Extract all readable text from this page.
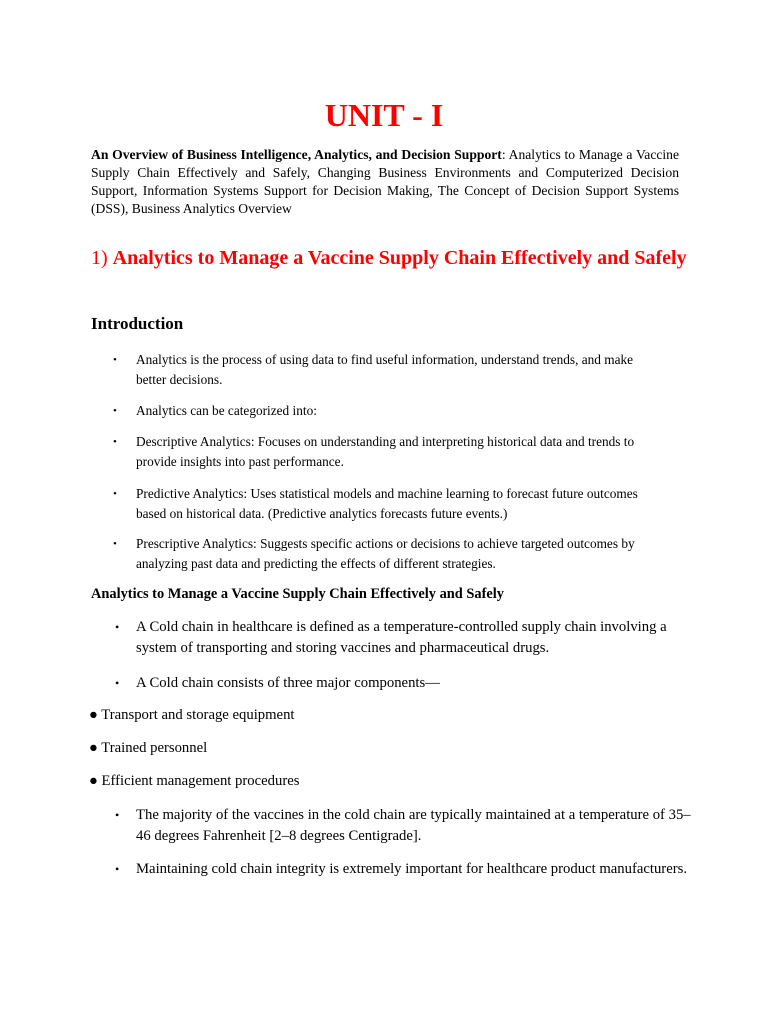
UNIT - I
An Overview of Business Intelligence, Analytics, and Decision Support: Analytics to Manage a Vaccine Supply Chain Effectively and Safely, Changing Business Environments and Computerized Decision Support, Information Systems Support for Decision Making, The Concept of Decision Support Systems (DSS), Business Analytics Overview
1) Analytics to Manage a Vaccine Supply Chain Effectively and Safely
Introduction
• Analytics is the process of using data to find useful information, understand trends, and make better decisions.
• Analytics can be categorized into:
• Descriptive Analytics: Focuses on understanding and interpreting historical data and trends to provide insights into past performance.
• Predictive Analytics: Uses statistical models and machine learning to forecast future outcomes based on historical data. (Predictive analytics forecasts future events.)
• Prescriptive Analytics: Suggests specific actions or decisions to achieve targeted outcomes by analyzing past data and predicting the effects of different strategies.
Analytics to Manage a Vaccine Supply Chain Effectively and Safely
• A Cold chain in healthcare is defined as a temperature-controlled supply chain involving a system of transporting and storing vaccines and pharmaceutical drugs.
• A Cold chain consists of three major components—
● Transport and storage equipment
● Trained personnel
● Efficient management procedures
• The majority of the vaccines in the cold chain are typically maintained at a temperature of 35–46 degrees Fahrenheit [2–8 degrees Centigrade].
• Maintaining cold chain integrity is extremely important for healthcare product manufacturers.
